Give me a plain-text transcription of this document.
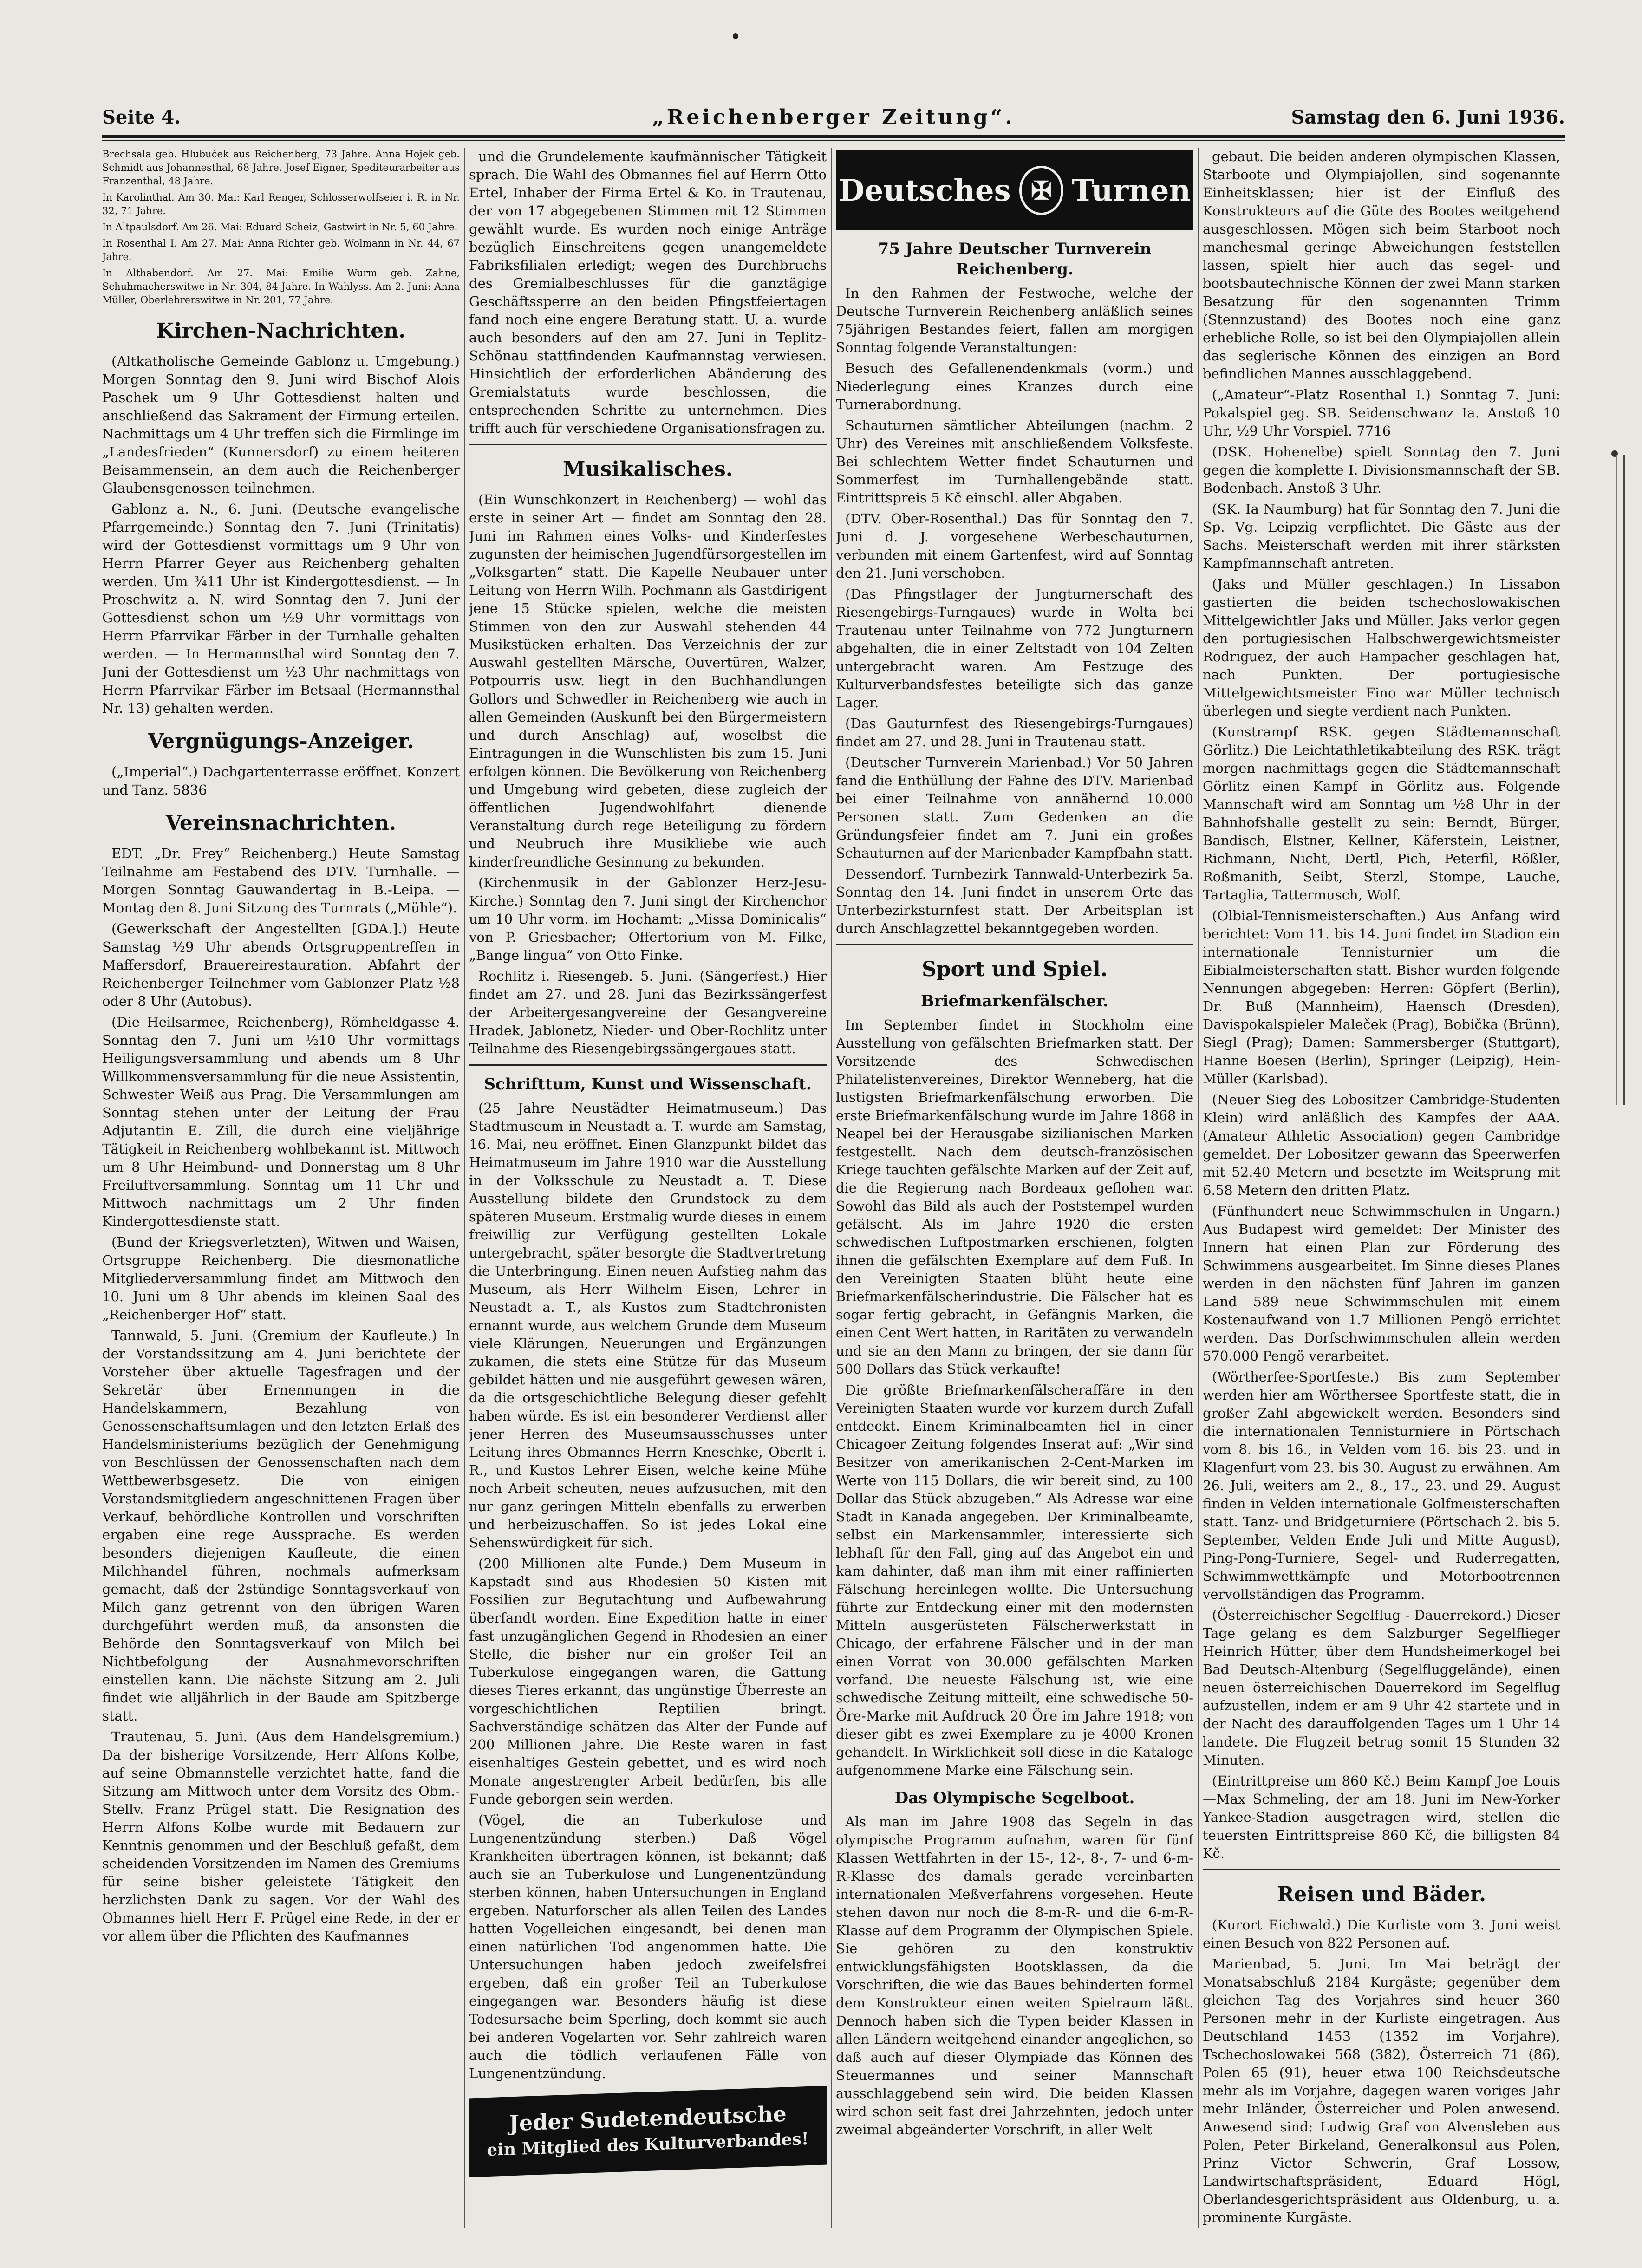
Seite 4.	„Reichenberger Zeitung“.	Samstag den 6. Juni 1936.

Brechsala geb. Hlubuček aus Reichenberg, 73 Jahre. Anna Hojek geb. Schmidt aus Johannesthal, 68 Jahre. Josef Eigner, Spediteurarbeiter aus Franzenthal, 48 Jahre.

In Karolinthal. Am 30. Mai: Karl Renger, Schlosserwolfseier i. R. in Nr. 32, 71 Jahre.

In Altpaulsdorf. Am 26. Mai: Eduard Scheiz, Gastwirt in Nr. 5, 60 Jahre.

In Rosenthal I. Am 27. Mai: Anna Richter geb. Wolmann in Nr. 44, 67 Jahre.

In Althabendorf. Am 27. Mai: Emilie Wurm geb. Zahne, Schuhmacherswitwe in Nr. 304, 84 Jahre. In Wahlyss. Am 2. Juni: Anna Müller, Oberlehrerswitwe in Nr. 201, 77 Jahre.

Kirchen-Nachrichten.

(Altkatholische Gemeinde Gablonz u. Umgebung.) Morgen Sonntag den 9. Juni wird Bischof Alois Paschek um 9 Uhr Gottesdienst halten und anschließend das Sakrament der Firmung erteilen. Nachmittags um 4 Uhr treffen sich die Firmlinge im „Landesfrieden“ (Kunnersdorf) zu einem heiteren Beisammensein, an dem auch die Reichenberger Glaubensgenossen teilnehmen.

Gablonz a. N., 6. Juni. (Deutsche evangelische Pfarrgemeinde.) Sonntag den 7. Juni (Trinitatis) wird der Gottesdienst vormittags um 9 Uhr von Herrn Pfarrer Geyer aus Reichenberg gehalten werden. Um ¾11 Uhr ist Kindergottesdienst. — In Proschwitz a. N. wird Sonntag den 7. Juni der Gottesdienst schon um ½9 Uhr vormittags von Herrn Pfarrvikar Färber in der Turnhalle gehalten werden. — In Hermannsthal wird Sonntag den 7. Juni der Gottesdienst um ½3 Uhr nachmittags von Herrn Pfarrvikar Färber im Betsaal (Hermannsthal Nr. 13) gehalten werden.

Vergnügungs-Anzeiger.

(„Imperial“.) Dachgartenterrasse eröffnet. Konzert und Tanz. 5836

Vereinsnachrichten.

EDT. „Dr. Frey“ Reichenberg.) Heute Samstag Teilnahme am Festabend des DTV. Turnhalle. — Morgen Sonntag Gauwandertag in B.-Leipa. — Montag den 8. Juni Sitzung des Turnrats („Mühle“).

(Gewerkschaft der Angestellten [GDA.].) Heute Samstag ½9 Uhr abends Ortsgruppentreffen in Maffersdorf, Brauereirestauration. Abfahrt der Reichenberger Teilnehmer vom Gablonzer Platz ½8 oder 8 Uhr (Autobus).

(Die Heilsarmee, Reichenberg), Römheldgasse 4. Sonntag den 7. Juni um ½10 Uhr vormittags Heiligungsversammlung und abends um 8 Uhr Willkommensversammlung für die neue Assistentin, Schwester Weiß aus Prag. Die Versammlungen am Sonntag stehen unter der Leitung der Frau Adjutantin E. Zill, die durch eine vieljährige Tätigkeit in Reichenberg wohlbekannt ist. Mittwoch um 8 Uhr Heimbund- und Donnerstag um 8 Uhr Freiluftversammlung. Sonntag um 11 Uhr und Mittwoch nachmittags um 2 Uhr finden Kindergottesdienste statt.

(Bund der Kriegsverletzten), Witwen und Waisen, Ortsgruppe Reichenberg. Die diesmonatliche Mitgliederversammlung findet am Mittwoch den 10. Juni um 8 Uhr abends im kleinen Saal des „Reichenberger Hof“ statt.

Tannwald, 5. Juni. (Gremium der Kaufleute.) In der Vorstandssitzung am 4. Juni berichtete der Vorsteher über aktuelle Tagesfragen und der Sekretär über Ernennungen in die Handelskammern, Bezahlung von Genossenschaftsumlagen und den letzten Erlaß des Handelsministeriums bezüglich der Genehmigung von Beschlüssen der Genossenschaften nach dem Wettbewerbsgesetz. Die von einigen Vorstandsmitgliedern angeschnittenen Fragen über Verkauf, behördliche Kontrollen und Vorschriften ergaben eine rege Aussprache. Es werden besonders diejenigen Kaufleute, die einen Milchhandel führen, nochmals aufmerksam gemacht, daß der 2stündige Sonntagsverkauf von Milch ganz getrennt von den übrigen Waren durchgeführt werden muß, da ansonsten die Behörde den Sonntagsverkauf von Milch bei Nichtbefolgung der Ausnahmevorschriften einstellen kann. Die nächste Sitzung am 2. Juli findet wie alljährlich in der Baude am Spitzberge statt.

Trautenau, 5. Juni. (Aus dem Handelsgremium.) Da der bisherige Vorsitzende, Herr Alfons Kolbe, auf seine Obmannstelle verzichtet hatte, fand die Sitzung am Mittwoch unter dem Vorsitz des Obm.-Stellv. Franz Prügel statt. Die Resignation des Herrn Alfons Kolbe wurde mit Bedauern zur Kenntnis genommen und der Beschluß gefaßt, dem scheidenden Vorsitzenden im Namen des Gremiums für seine bisher geleistete Tätigkeit den herzlichsten Dank zu sagen. Vor der Wahl des Obmannes hielt Herr F. Prügel eine Rede, in der er vor allem über die Pflichten des Kaufmannes

und die Grundelemente kaufmännischer Tätigkeit sprach. Die Wahl des Obmannes fiel auf Herrn Otto Ertel, Inhaber der Firma Ertel & Ko. in Trautenau, der von 17 abgegebenen Stimmen mit 12 Stimmen gewählt wurde. Es wurden noch einige Anträge bezüglich Einschreitens gegen unangemeldete Fabriksfilialen erledigt; wegen des Durchbruchs des Gremialbeschlusses für die ganztägige Geschäftssperre an den beiden Pfingstfeiertagen fand noch eine engere Beratung statt. U. a. wurde auch besonders auf den am 27. Juni in Teplitz-Schönau stattfindenden Kaufmannstag verwiesen. Hinsichtlich der erforderlichen Abänderung des Gremialstatuts wurde beschlossen, die entsprechenden Schritte zu unternehmen. Dies trifft auch für verschiedene Organisationsfragen zu.

Musikalisches.

(Ein Wunschkonzert in Reichenberg) — wohl das erste in seiner Art — findet am Sonntag den 28. Juni im Rahmen eines Volks- und Kinderfestes zugunsten der heimischen Jugendfürsorgestellen im „Volksgarten“ statt. Die Kapelle Neubauer unter Leitung von Herrn Wilh. Pochmann als Gastdirigent jene 15 Stücke spielen, welche die meisten Stimmen von den zur Auswahl stehenden 44 Musikstücken erhalten. Das Verzeichnis der zur Auswahl gestellten Märsche, Ouvertüren, Walzer, Potpourris usw. liegt in den Buchhandlungen Gollors und Schwedler in Reichenberg wie auch in allen Gemeinden (Auskunft bei den Bürgermeistern und durch Anschlag) auf, woselbst die Eintragungen in die Wunschlisten bis zum 15. Juni erfolgen können. Die Bevölkerung von Reichenberg und Umgebung wird gebeten, diese zugleich der öffentlichen Jugendwohlfahrt dienende Veranstaltung durch rege Beteiligung zu fördern und Neubruch ihre Musikliebe wie auch kinderfreundliche Gesinnung zu bekunden.

(Kirchenmusik in der Gablonzer Herz-Jesu-Kirche.) Sonntag den 7. Juni singt der Kirchenchor um 10 Uhr vorm. im Hochamt: „Missa Dominicalis“ von P. Griesbacher; Offertorium von M. Filke, „Bange lingua“ von Otto Finke.

Rochlitz i. Riesengeb. 5. Juni. (Sängerfest.) Hier findet am 27. und 28. Juni das Bezirkssängerfest der Arbeitergesangvereine der Gesangvereine Hradek, Jablonetz, Nieder- und Ober-Rochlitz unter Teilnahme des Riesengebirgssängergaues statt.

Schrifttum, Kunst und Wissenschaft.

(25 Jahre Neustädter Heimatmuseum.) Das Stadtmuseum in Neustadt a. T. wurde am Samstag, 16. Mai, neu eröffnet. Einen Glanzpunkt bildet das Heimatmuseum im Jahre 1910 war die Ausstellung in der Volksschule zu Neustadt a. T. Diese Ausstellung bildete den Grundstock zu dem späteren Museum. Erstmalig wurde dieses in einem freiwillig zur Verfügung gestellten Lokale untergebracht, später besorgte die Stadtvertretung die Unterbringung. Einen neuen Aufstieg nahm das Museum, als Herr Wilhelm Eisen, Lehrer in Neustadt a. T., als Kustos zum Stadtchronisten ernannt wurde, aus welchem Grunde dem Museum viele Klärungen, Neuerungen und Ergänzungen zukamen, die stets eine Stütze für das Museum gebildet hätten und nie ausgeführt gewesen wären, da die ortsgeschichtliche Belegung dieser gefehlt haben würde. Es ist ein besonderer Verdienst aller jener Herren des Museumsausschusses unter Leitung ihres Obmannes Herrn Kneschke, Oberlt i. R., und Kustos Lehrer Eisen, welche keine Mühe noch Arbeit scheuten, neues aufzusuchen, mit den nur ganz geringen Mitteln ebenfalls zu erwerben und herbeizuschaffen. So ist jedes Lokal eine Sehenswürdigkeit für sich.

(200 Millionen alte Funde.) Dem Museum in Kapstadt sind aus Rhodesien 50 Kisten mit Fossilien zur Begutachtung und Aufbewahrung überfandt worden. Eine Expedition hatte in einer fast unzugänglichen Gegend in Rhodesien an einer Stelle, die bisher nur ein großer Teil an Tuberkulose eingegangen waren, die Gattung dieses Tieres erkannt, das ungünstige Überreste an vorgeschichtlichen Reptilien bringt. Sachverständige schätzen das Alter der Funde auf 200 Millionen Jahre. Die Reste waren in fast eisenhaltiges Gestein gebettet, und es wird noch Monate angestrengter Arbeit bedürfen, bis alle Funde geborgen sein werden.

(Vögel, die an Tuberkulose und Lungenentzündung sterben.) Daß Vögel Krankheiten übertragen können, ist bekannt; daß auch sie an Tuberkulose und Lungenentzündung sterben können, haben Untersuchungen in England ergeben. Naturforscher als allen Teilen des Landes hatten Vogelleichen eingesandt, bei denen man einen natürlichen Tod angenommen hatte. Die Untersuchungen haben jedoch zweifelsfrei ergeben, daß ein großer Teil an Tuberkulose eingegangen war. Besonders häufig ist diese Todesursache beim Sperling, doch kommt sie auch bei anderen Vogelarten vor. Sehr zahlreich waren auch die tödlich verlaufenen Fälle von Lungenentzündung.

Jeder Sudetendeutsche
ein Mitglied des Kulturverbandes!
Deutsches ✠ Turnen
75 Jahre Deutscher Turnverein Reichenberg.

In den Rahmen der Festwoche, welche der Deutsche Turnverein Reichenberg anläßlich seines 75jährigen Bestandes feiert, fallen am morgigen Sonntag folgende Veranstaltungen:

Besuch des Gefallenendenkmals (vorm.) und Niederlegung eines Kranzes durch eine Turnerabordnung.

Schauturnen sämtlicher Abteilungen (nachm. 2 Uhr) des Vereines mit anschließendem Volksfeste. Bei schlechtem Wetter findet Schauturnen und Sommerfest im Turnhallengebände statt. Eintrittspreis 5 Kč einschl. aller Abgaben.

(DTV. Ober-Rosenthal.) Das für Sonntag den 7. Juni d. J. vorgesehene Werbeschauturnen, verbunden mit einem Gartenfest, wird auf Sonntag den 21. Juni verschoben.

(Das Pfingstlager der Jungturnerschaft des Riesengebirgs-Turngaues) wurde in Wolta bei Trautenau unter Teilnahme von 772 Jungturnern abgehalten, die in einer Zeltstadt von 104 Zelten untergebracht waren. Am Festzuge des Kulturverbandsfestes beteiligte sich das ganze Lager.

(Das Gauturnfest des Riesengebirgs-Turngaues) findet am 27. und 28. Juni in Trautenau statt.

(Deutscher Turnverein Marienbad.) Vor 50 Jahren fand die Enthüllung der Fahne des DTV. Marienbad bei einer Teilnahme von annähernd 10.000 Personen statt. Zum Gedenken an die Gründungsfeier findet am 7. Juni ein großes Schauturnen auf der Marienbader Kampfbahn statt.

Dessendorf. Turnbezirk Tannwald-Unterbezirk 5a. Sonntag den 14. Juni findet in unserem Orte das Unterbezirksturnfest statt. Der Arbeitsplan ist durch Anschlagzettel bekanntgegeben worden.

Sport und Spiel.
Briefmarkenfälscher.

Im September findet in Stockholm eine Ausstellung von gefälschten Briefmarken statt. Der Vorsitzende des Schwedischen Philatelistenvereines, Direktor Wenneberg, hat die lustigsten Briefmarkenfälschung erworben. Die erste Briefmarkenfälschung wurde im Jahre 1868 in Neapel bei der Herausgabe sizilianischen Marken festgestellt. Nach dem deutsch-französischen Kriege tauchten gefälschte Marken auf der Zeit auf, die die Regierung nach Bordeaux geflohen war. Sowohl das Bild als auch der Poststempel wurden gefälscht. Als im Jahre 1920 die ersten schwedischen Luftpostmarken erschienen, folgten ihnen die gefälschten Exemplare auf dem Fuß. In den Vereinigten Staaten blüht heute eine Briefmarkenfälscherindustrie. Die Fälscher hat es sogar fertig gebracht, in Gefängnis Marken, die einen Cent Wert hatten, in Raritäten zu verwandeln und sie an den Mann zu bringen, der sie dann für 500 Dollars das Stück verkaufte!

Die größte Briefmarkenfälscheraffäre in den Vereinigten Staaten wurde vor kurzem durch Zufall entdeckt. Einem Kriminalbeamten fiel in einer Chicagoer Zeitung folgendes Inserat auf: „Wir sind Besitzer von amerikanischen 2-Cent-Marken im Werte von 115 Dollars, die wir bereit sind, zu 100 Dollar das Stück abzugeben.“ Als Adresse war eine Stadt in Kanada angegeben. Der Kriminalbeamte, selbst ein Markensammler, interessierte sich lebhaft für den Fall, ging auf das Angebot ein und kam dahinter, daß man ihm mit einer raffinierten Fälschung hereinlegen wollte. Die Untersuchung führte zur Entdeckung einer mit den modernsten Mitteln ausgerüsteten Fälscherwerkstatt in Chicago, der erfahrene Fälscher und in der man einen Vorrat von 30.000 gefälschten Marken vorfand. Die neueste Fälschung ist, wie eine schwedische Zeitung mitteilt, eine schwedische 50-Öre-Marke mit Aufdruck 20 Öre im Jahre 1918; von dieser gibt es zwei Exemplare zu je 4000 Kronen gehandelt. In Wirklichkeit soll diese in die Kataloge aufgenommene Marke eine Fälschung sein.

Das Olympische Segelboot.

Als man im Jahre 1908 das Segeln in das olympische Programm aufnahm, waren für fünf Klassen Wettfahrten in der 15-, 12-, 8-, 7- und 6-m-R-Klasse des damals gerade vereinbarten internationalen Meßverfahrens vorgesehen. Heute stehen davon nur noch die 8-m-R- und die 6-m-R-Klasse auf dem Programm der Olympischen Spiele. Sie gehören zu den konstruktiv entwicklungsfähigsten Bootsklassen, da die Vorschriften, die wie das Baues behinderten formel dem Konstrukteur einen weiten Spielraum läßt. Dennoch haben sich die Typen beider Klassen in allen Ländern weitgehend einander angeglichen, so daß auch auf dieser Olympiade das Können des Steuermannes und seiner Mannschaft ausschlaggebend sein wird. Die beiden Klassen wird schon seit fast drei Jahrzehnten, jedoch unter zweimal abgeänderter Vorschrift, in aller Welt

gebaut. Die beiden anderen olympischen Klassen, Starboote und Olympiajollen, sind sogenannte Einheitsklassen; hier ist der Einfluß des Konstrukteurs auf die Güte des Bootes weitgehend ausgeschlossen. Mögen sich beim Starboot noch manchesmal geringe Abweichungen feststellen lassen, spielt hier auch das segel- und bootsbautechnische Können der zwei Mann starken Besatzung für den sogenannten Trimm (Stennzustand) des Bootes noch eine ganz erhebliche Rolle, so ist bei den Olympiajollen allein das seglerische Können des einzigen an Bord befindlichen Mannes ausschlaggebend.

(„Amateur“-Platz Rosenthal I.) Sonntag 7. Juni: Pokalspiel geg. SB. Seidenschwanz Ia. Anstoß 10 Uhr, ½9 Uhr Vorspiel. 7716

(DSK. Hohenelbe) spielt Sonntag den 7. Juni gegen die komplette I. Divisionsmannschaft der SB. Bodenbach. Anstoß 3 Uhr.

(SK. Ia Naumburg) hat für Sonntag den 7. Juni die Sp. Vg. Leipzig verpflichtet. Die Gäste aus der Sachs. Meisterschaft werden mit ihrer stärksten Kampfmannschaft antreten.

(Jaks und Müller geschlagen.) In Lissabon gastierten die beiden tschechoslowakischen Mittelgewichtler Jaks und Müller. Jaks verlor gegen den portugiesischen Halbschwergewichtsmeister Rodriguez, der auch Hampacher geschlagen hat, nach Punkten. Der portugiesische Mittelgewichtsmeister Fino war Müller technisch überlegen und siegte verdient nach Punkten.

(Kunstrampf RSK. gegen Städtemannschaft Görlitz.) Die Leichtathletikabteilung des RSK. trägt morgen nachmittags gegen die Städtemannschaft Görlitz einen Kampf in Görlitz aus. Folgende Mannschaft wird am Sonntag um ½8 Uhr in der Bahnhofshalle gestellt zu sein: Berndt, Bürger, Bandisch, Elstner, Kellner, Käferstein, Leistner, Richmann, Nicht, Dertl, Pich, Peterfil, Rößler, Roßmanith, Seibt, Sterzl, Stompe, Lauche, Tartaglia, Tattermusch, Wolf.

(Olbial-Tennismeisterschaften.) Aus Anfang wird berichtet: Vom 11. bis 14. Juni findet im Stadion ein internationale Tennisturnier um die Eibialmeisterschaften statt. Bisher wurden folgende Nennungen abgegeben: Herren: Göpfert (Berlin), Dr. Buß (Mannheim), Haensch (Dresden), Davispokalspieler Maleček (Prag), Bobička (Brünn), Siegl (Prag); Damen: Sammersberger (Stuttgart), Hanne Boesen (Berlin), Springer (Leipzig), Hein-Müller (Karlsbad).

(Neuer Sieg des Lobositzer Cambridge-Studenten Klein) wird anläßlich des Kampfes der AAA. (Amateur Athletic Association) gegen Cambridge gemeldet. Der Lobositzer gewann das Speerwerfen mit 52.40 Metern und besetzte im Weitsprung mit 6.58 Metern den dritten Platz.

(Fünfhundert neue Schwimmschulen in Ungarn.) Aus Budapest wird gemeldet: Der Minister des Innern hat einen Plan zur Förderung des Schwimmens ausgearbeitet. Im Sinne dieses Planes werden in den nächsten fünf Jahren im ganzen Land 589 neue Schwimmschulen mit einem Kostenaufwand von 1.7 Millionen Pengö errichtet werden. Das Dorfschwimmschulen allein werden 570.000 Pengö verarbeitet.

(Wörtherfee-Sportfeste.) Bis zum September werden hier am Wörthersee Sportfeste statt, die in großer Zahl abgewickelt werden. Besonders sind die internationalen Tennisturniere in Pörtschach vom 8. bis 16., in Velden vom 16. bis 23. und in Klagenfurt vom 23. bis 30. August zu erwähnen. Am 26. Juli, weiters am 2., 8., 17., 23. und 29. August finden in Velden internationale Golfmeisterschaften statt. Tanz- und Bridgeturniere (Pörtschach 2. bis 5. September, Velden Ende Juli und Mitte August), Ping-Pong-Turniere, Segel- und Ruderregatten, Schwimmwettkämpfe und Motorbootrennen vervollständigen das Programm.

(Österreichischer Segelflug - Dauerrekord.) Dieser Tage gelang es dem Salzburger Segelflieger Heinrich Hütter, über dem Hundsheimerkogel bei Bad Deutsch-Altenburg (Segelfluggelände), einen neuen österreichischen Dauerrekord im Segelflug aufzustellen, indem er am 9 Uhr 42 startete und in der Nacht des darauffolgenden Tages um 1 Uhr 14 landete. Die Flugzeit betrug somit 15 Stunden 32 Minuten.

(Eintrittpreise um 860 Kč.) Beim Kampf Joe Louis—Max Schmeling, der am 18. Juni im New-Yorker Yankee-Stadion ausgetragen wird, stellen die teuersten Eintrittspreise 860 Kč, die billigsten 84 Kč.

Reisen und Bäder.

(Kurort Eichwald.) Die Kurliste vom 3. Juni weist einen Besuch von 822 Personen auf.

Marienbad, 5. Juni. Im Mai beträgt der Monatsabschluß 2184 Kurgäste; gegenüber dem gleichen Tag des Vorjahres sind heuer 360 Personen mehr in der Kurliste eingetragen. Aus Deutschland 1453 (1352 im Vorjahre), Tschechoslowakei 568 (382), Österreich 71 (86), Polen 65 (91), heuer etwa 100 Reichsdeutsche mehr als im Vorjahre, dagegen waren voriges Jahr mehr Inländer, Österreicher und Polen anwesend. Anwesend sind: Ludwig Graf von Alvensleben aus Polen, Peter Birkeland, Generalkonsul aus Polen, Prinz Victor Schwerin, Graf Lossow, Landwirtschaftspräsident, Eduard Högl, Oberlandesgerichtspräsident aus Oldenburg, u. a. prominente Kurgäste.
